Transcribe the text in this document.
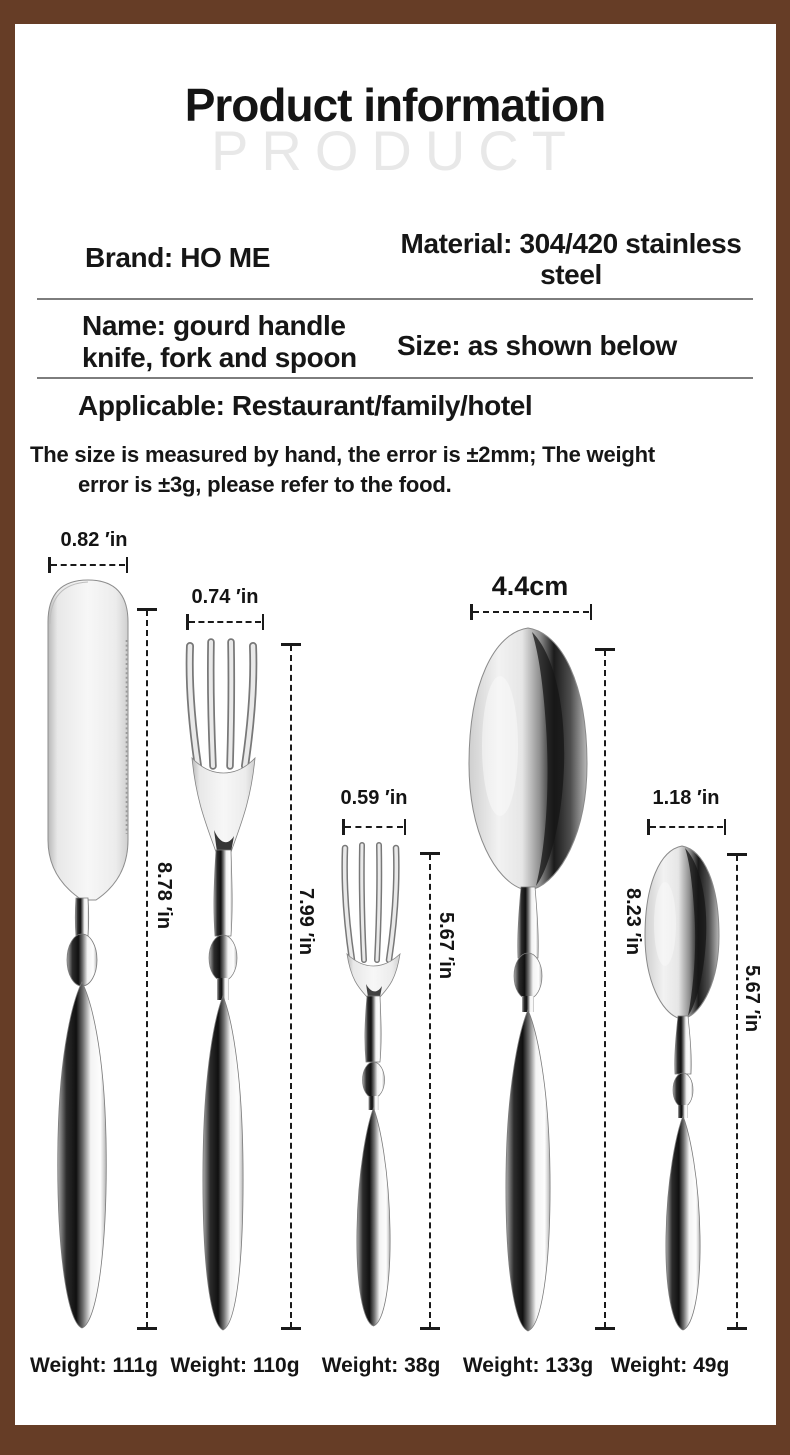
PRODUCT
Product information
Brand: HO ME	Material: 304/420 stainless
steel
Name: gourd handle
knife, fork and spoon Size: as shown below
Applicable: Restaurant/family/hotel
The size is measured by hand, the error is ±2mm; The weight
error is ±3g, please refer to the food.
0.82 ′in
0.74 ′in
0.59 ′in
4.4cm
1.18 ′in
8.78 ′in	7.99 ′in	5.67 ′in	8.23 ′in
5.67 ′in
Weight: 111g Weight: 110g Weight: 38g Weight: 133g Weight: 49g
